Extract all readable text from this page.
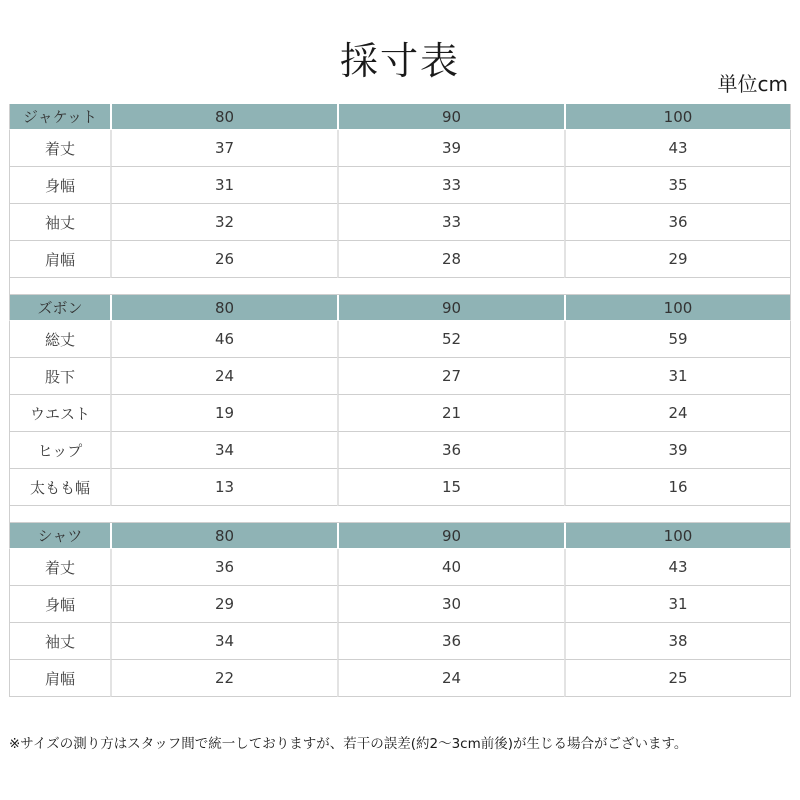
採寸表
単位cm
ジャケット	80	90	100
着丈	37	39	43
身幅	31	33	35
袖丈	32	33	36
肩幅	26	28	29

ズボン	80	90	100
総丈	46	52	59
股下	24	27	31
ウエスト	19	21	24
ヒップ	34	36	39
太もも幅	13	15	16

シャツ	80	90	100
着丈	36	40	43
身幅	29	30	31
袖丈	34	36	38
肩幅	22	24	25
※サイズの測り方はスタッフ間で統一しておりますが、若干の誤差(約2〜3cm前後)が生じる場合がございます。
